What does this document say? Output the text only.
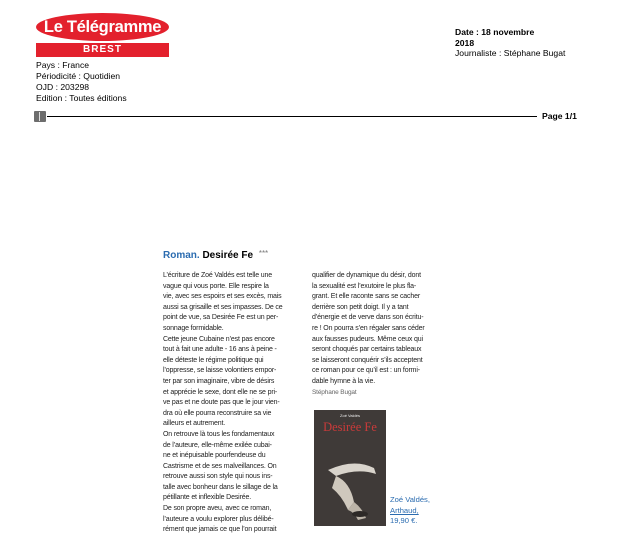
Le Télégramme
BREST
Pays : France
Périodicité : Quotidien
OJD : 203298
Edition : Toutes éditions
Date : 18 novembre
2018
Journaliste : Stéphane Bugat
Page 1/1
Roman. Desirée Fe ***

L’écriture de Zoé Valdés est telle une

vague qui vous porte. Elle respire la

vie, avec ses espoirs et ses excès, mais

aussi sa grisaille et ses impasses. De ce

point de vue, sa Desirée Fe est un per-

sonnage formidable.

Cette jeune Cubaine n’est pas encore

tout à fait une adulte - 16 ans à peine -

elle déteste le régime politique qui

l’oppresse, se laisse volontiers empor-

ter par son imaginaire, vibre de désirs

et apprécie le sexe, dont elle ne se pri-

ve pas et ne doute pas que le jour vien-

dra où elle pourra reconstruire sa vie

ailleurs et autrement.

On retrouve là tous les fondamentaux

de l’auteure, elle-même exilée cubai-

ne et inépuisable pourfendeuse du

Castrisme et de ses malveillances. On

retrouve aussi son style qui nous ins-

talle avec bonheur dans le sillage de la

pétillante et inflexible Desirée.

De son propre aveu, avec ce roman,

l’auteure a voulu explorer plus délibé-

rément que jamais ce que l’on pourrait

qualifier de dynamique du désir, dont

la sexualité est l’exutoire le plus fla-

grant. Et elle raconte sans se cacher

derrière son petit doigt. Il y a tant

d’énergie et de verve dans son écritu-

re ! On pourra s’en régaler sans céder

aux fausses pudeurs. Même ceux qui

seront choqués par certains tableaux

se laisseront conquérir s’ils acceptent

ce roman pour ce qu’il est : un formi-

dable hymne à la vie.

Stéphane Bugat

Zoé Valdés
Desirée Fe
Zoé Valdés,
Arthaud,
19,90 €.
